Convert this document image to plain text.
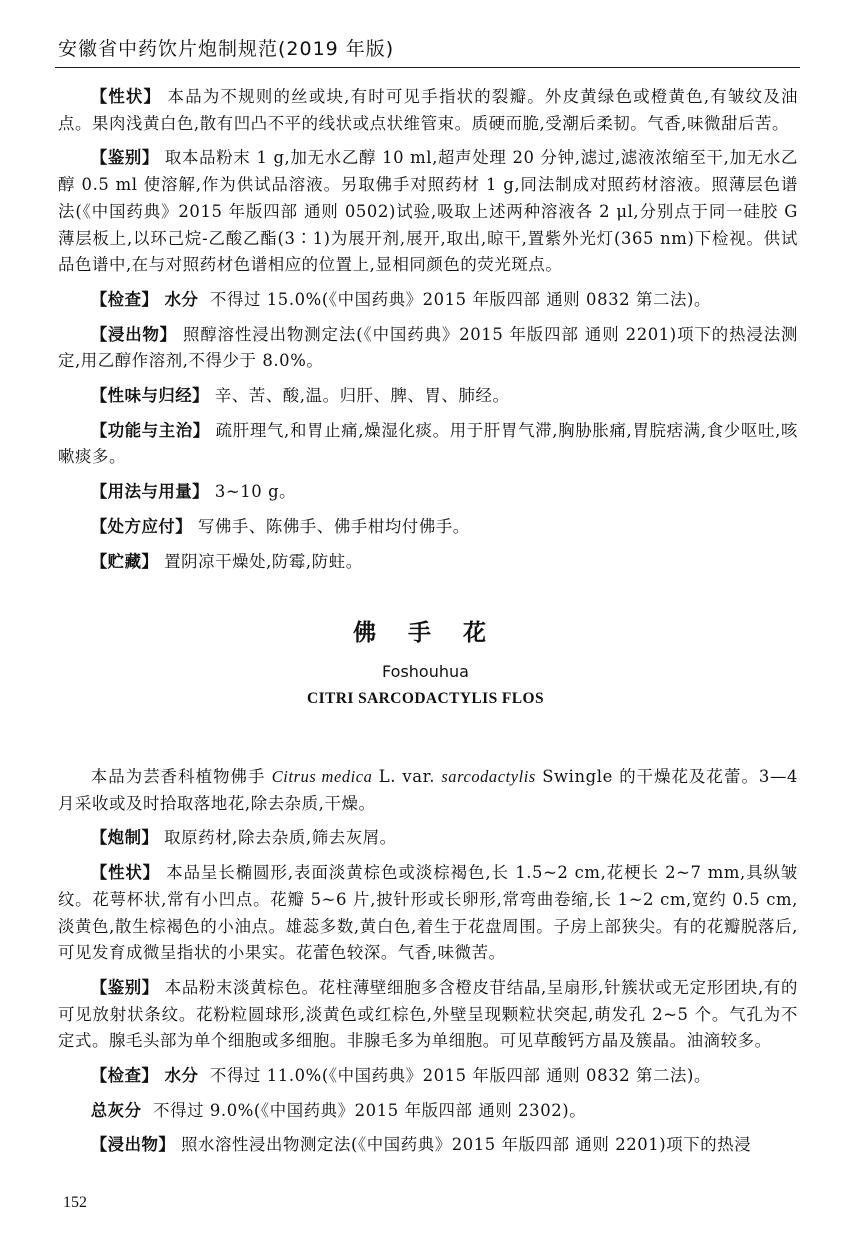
安徽省中药饮片炮制规范(2019 年版)

【性状】 本品为不规则的丝或块,有时可见手指状的裂瓣。外皮黄绿色或橙黄色,有皱纹及油点。果肉浅黄白色,散有凹凸不平的线状或点状维管束。质硬而脆,受潮后柔韧。气香,味微甜后苦。

【鉴别】 取本品粉末 1 g,加无水乙醇 10 ml,超声处理 20 分钟,滤过,滤液浓缩至干,加无水乙醇 0.5 ml 使溶解,作为供试品溶液。另取佛手对照药材 1 g,同法制成对照药材溶液。照薄层色谱法(《中国药典》2015 年版四部 通则 0502)试验,吸取上述两种溶液各 2 μl,分别点于同一硅胶 G 薄层板上,以环己烷-乙酸乙酯(3∶1)为展开剂,展开,取出,晾干,置紫外光灯(365 nm)下检视。供试品色谱中,在与对照药材色谱相应的位置上,显相同颜色的荧光斑点。

【检查】 水分 不得过 15.0%(《中国药典》2015 年版四部 通则 0832 第二法)。

【浸出物】 照醇溶性浸出物测定法(《中国药典》2015 年版四部 通则 2201)项下的热浸法测定,用乙醇作溶剂,不得少于 8.0%。

【性味与归经】 辛、苦、酸,温。归肝、脾、胃、肺经。

【功能与主治】 疏肝理气,和胃止痛,燥湿化痰。用于肝胃气滞,胸胁胀痛,胃脘痞满,食少呕吐,咳嗽痰多。

【用法与用量】 3~10 g。

【处方应付】 写佛手、陈佛手、佛手柑均付佛手。

【贮藏】 置阴凉干燥处,防霉,防蛀。

佛 手 花
Foshouhua
CITRI SARCODACTYLIS FLOS

本品为芸香科植物佛手 Citrus medica L. var. sarcodactylis Swingle 的干燥花及花蕾。3—4 月采收或及时拾取落地花,除去杂质,干燥。

【炮制】 取原药材,除去杂质,筛去灰屑。

【性状】 本品呈长椭圆形,表面淡黄棕色或淡棕褐色,长 1.5~2 cm,花梗长 2~7 mm,具纵皱纹。花萼杯状,常有小凹点。花瓣 5~6 片,披针形或长卵形,常弯曲卷缩,长 1~2 cm,宽约 0.5 cm,淡黄色,散生棕褐色的小油点。雄蕊多数,黄白色,着生于花盘周围。子房上部狭尖。有的花瓣脱落后,可见发育成微呈指状的小果实。花蕾色较深。气香,味微苦。

【鉴别】 本品粉末淡黄棕色。花柱薄壁细胞多含橙皮苷结晶,呈扇形,针簇状或无定形团块,有的可见放射状条纹。花粉粒圆球形,淡黄色或红棕色,外壁呈现颗粒状突起,萌发孔 2~5 个。气孔为不定式。腺毛头部为单个细胞或多细胞。非腺毛多为单细胞。可见草酸钙方晶及簇晶。油滴较多。

【检查】 水分 不得过 11.0%(《中国药典》2015 年版四部 通则 0832 第二法)。

总灰分 不得过 9.0%(《中国药典》2015 年版四部 通则 2302)。

【浸出物】 照水溶性浸出物测定法(《中国药典》2015 年版四部 通则 2201)项下的热浸

152
